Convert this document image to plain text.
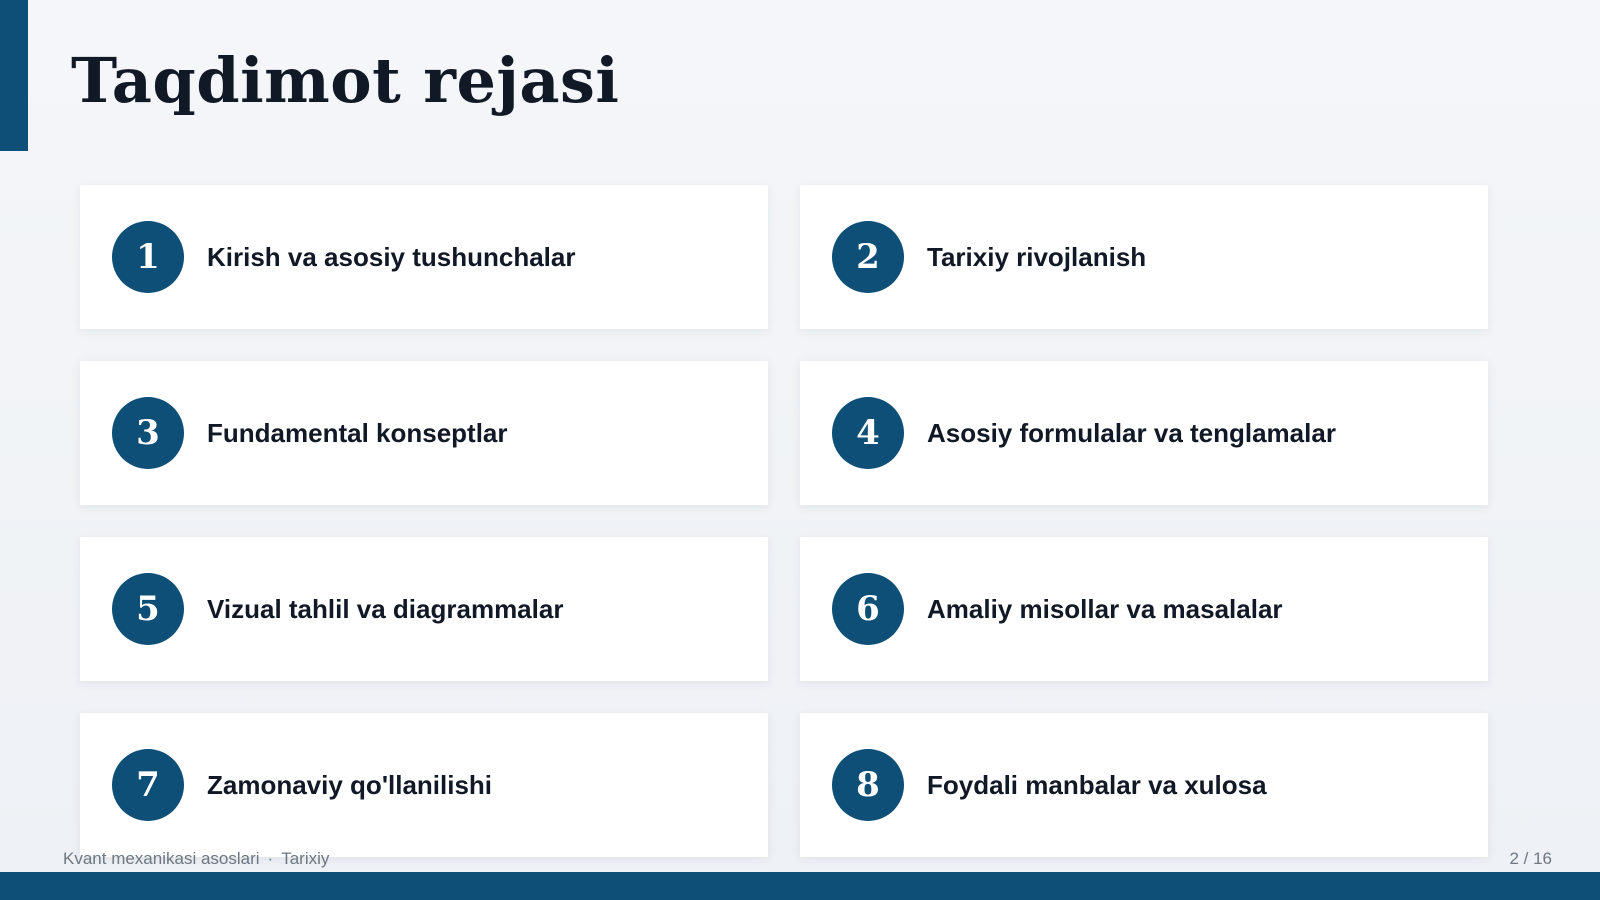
Taqdimot rejasi
1	Kirish va asosiy tushunchalar	2	Tarixiy rivojlanish
3	Fundamental konseptlar	4	Asosiy formulalar va tenglamalar
5	Vizual tahlil va diagrammalar	6	Amaliy misollar va masalalar
7	Zamonaviy qo'llanilishi	8	Foydali manbalar va xulosa
Kvant mexanikasi asoslari · Tarixiy	2 / 16
